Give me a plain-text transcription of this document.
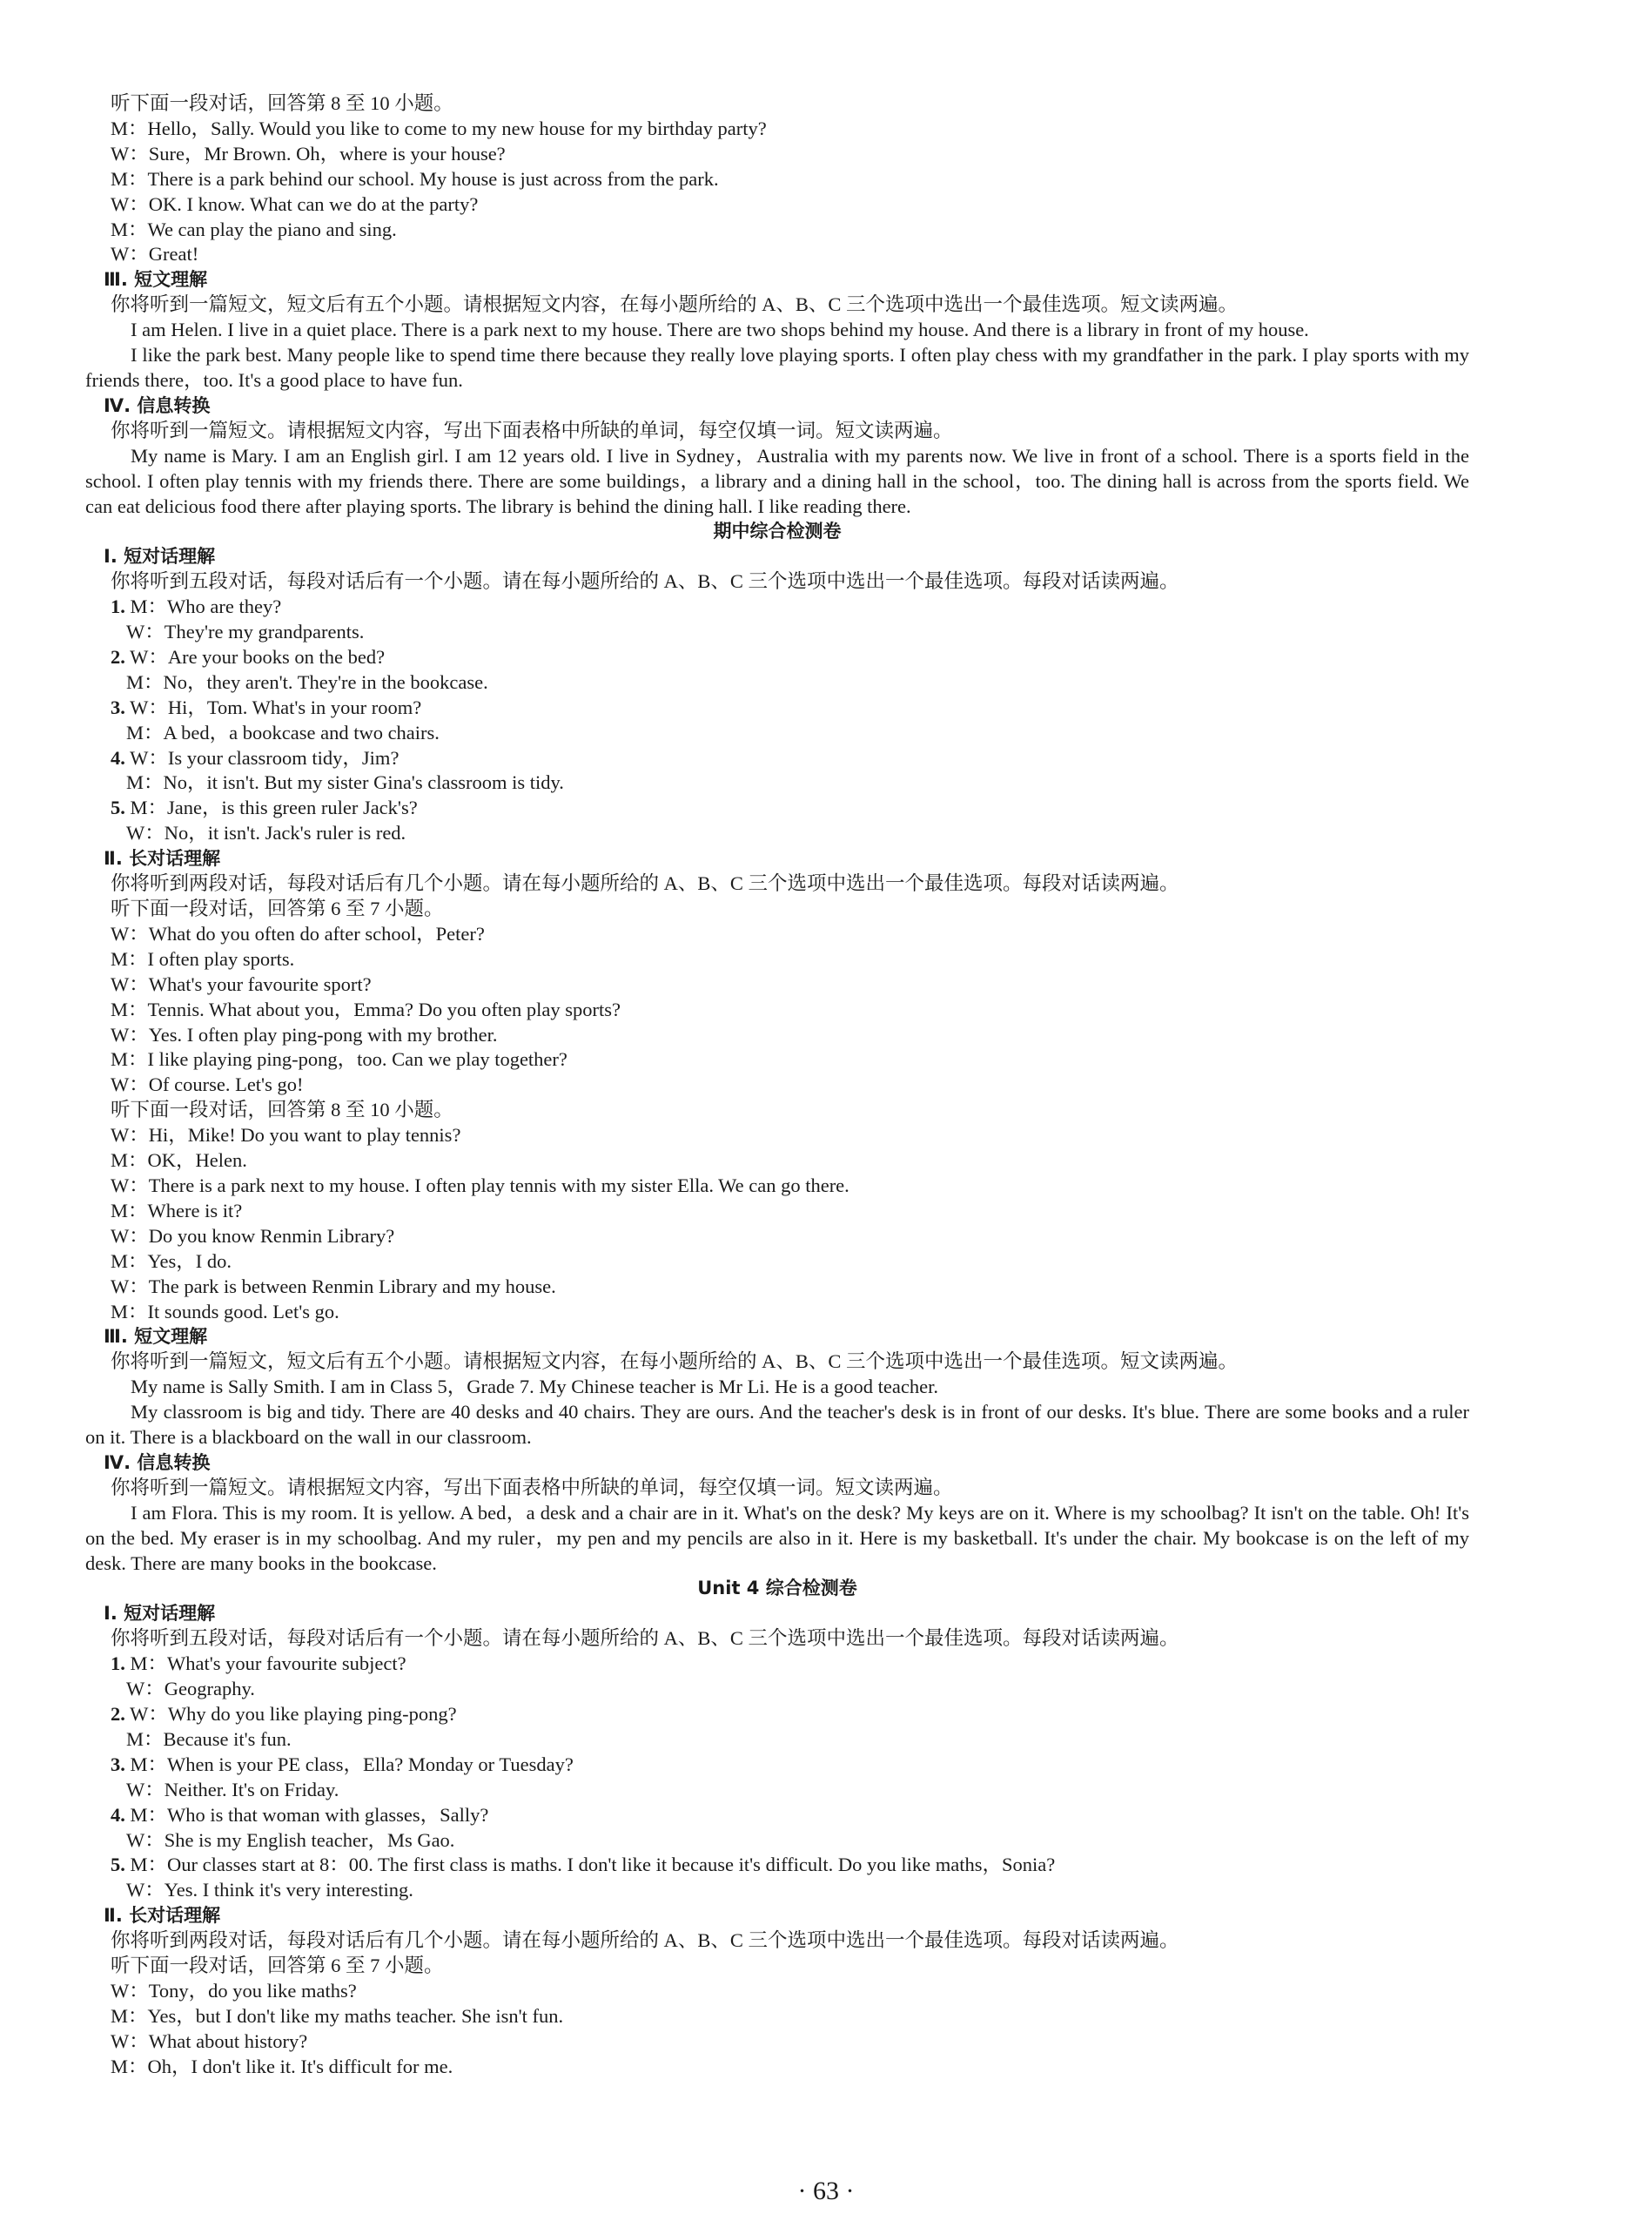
听下面一段对话，回答第 8 至 10 小题。
M：Hello，Sally. Would you like to come to my new house for my birthday party?
W：Sure，Mr Brown. Oh，where is your house?
M：There is a park behind our school. My house is just across from the park.
W：OK. I know. What can we do at the party?
M：We can play the piano and sing.
W：Great!
Ⅲ. 短文理解
你将听到一篇短文，短文后有五个小题。请根据短文内容，在每小题所给的 A、B、C 三个选项中选出一个最佳选项。短文读两遍。
I am Helen. I live in a quiet place. There is a park next to my house. There are two shops behind my house. And there is a library in front of my house.
I like the park best. Many people like to spend time there because they really love playing sports. I often play chess with my grandfather in the park. I play sports with my friends there，too. It's a good place to have fun.
Ⅳ. 信息转换
你将听到一篇短文。请根据短文内容，写出下面表格中所缺的单词，每空仅填一词。短文读两遍。
My name is Mary. I am an English girl. I am 12 years old. I live in Sydney，Australia with my parents now. We live in front of a school. There is a sports field in the school. I often play tennis with my friends there. There are some buildings，a library and a dining hall in the school，too. The dining hall is across from the sports field. We can eat delicious food there after playing sports. The library is behind the dining hall. I like reading there.
期中综合检测卷
Ⅰ. 短对话理解
你将听到五段对话，每段对话后有一个小题。请在每小题所给的 A、B、C 三个选项中选出一个最佳选项。每段对话读两遍。
1. M：Who are they?
W：They're my grandparents.
2. W：Are your books on the bed?
M：No，they aren't. They're in the bookcase.
3. W：Hi，Tom. What's in your room?
M：A bed，a bookcase and two chairs.
4. W：Is your classroom tidy，Jim?
M：No，it isn't. But my sister Gina's classroom is tidy.
5. M：Jane，is this green ruler Jack's?
W：No，it isn't. Jack's ruler is red.
Ⅱ. 长对话理解
你将听到两段对话，每段对话后有几个小题。请在每小题所给的 A、B、C 三个选项中选出一个最佳选项。每段对话读两遍。
听下面一段对话，回答第 6 至 7 小题。
W：What do you often do after school，Peter?
M：I often play sports.
W：What's your favourite sport?
M：Tennis. What about you，Emma? Do you often play sports?
W：Yes. I often play ping-pong with my brother.
M：I like playing ping-pong，too. Can we play together?
W：Of course. Let's go!
听下面一段对话，回答第 8 至 10 小题。
W：Hi，Mike! Do you want to play tennis?
M：OK，Helen.
W：There is a park next to my house. I often play tennis with my sister Ella. We can go there.
M：Where is it?
W：Do you know Renmin Library?
M：Yes，I do.
W：The park is between Renmin Library and my house.
M：It sounds good. Let's go.
Ⅲ. 短文理解
你将听到一篇短文，短文后有五个小题。请根据短文内容，在每小题所给的 A、B、C 三个选项中选出一个最佳选项。短文读两遍。
My name is Sally Smith. I am in Class 5，Grade 7. My Chinese teacher is Mr Li. He is a good teacher.
My classroom is big and tidy. There are 40 desks and 40 chairs. They are ours. And the teacher's desk is in front of our desks. It's blue. There are some books and a ruler on it. There is a blackboard on the wall in our classroom.
Ⅳ. 信息转换
你将听到一篇短文。请根据短文内容，写出下面表格中所缺的单词，每空仅填一词。短文读两遍。
I am Flora. This is my room. It is yellow. A bed，a desk and a chair are in it. What's on the desk? My keys are on it. Where is my schoolbag? It isn't on the table. Oh! It's on the bed. My eraser is in my schoolbag. And my ruler，my pen and my pencils are also in it. Here is my basketball. It's under the chair. My bookcase is on the left of my desk. There are many books in the bookcase.
Unit 4 综合检测卷
Ⅰ. 短对话理解
你将听到五段对话，每段对话后有一个小题。请在每小题所给的 A、B、C 三个选项中选出一个最佳选项。每段对话读两遍。
1. M：What's your favourite subject?
W：Geography.
2. W：Why do you like playing ping-pong?
M：Because it's fun.
3. M：When is your PE class，Ella? Monday or Tuesday?
W：Neither. It's on Friday.
4. M：Who is that woman with glasses，Sally?
W：She is my English teacher，Ms Gao.
5. M：Our classes start at 8：00. The first class is maths. I don't like it because it's difficult. Do you like maths，Sonia?
W：Yes. I think it's very interesting.
Ⅱ. 长对话理解
你将听到两段对话，每段对话后有几个小题。请在每小题所给的 A、B、C 三个选项中选出一个最佳选项。每段对话读两遍。
听下面一段对话，回答第 6 至 7 小题。
W：Tony，do you like maths?
M：Yes，but I don't like my maths teacher. She isn't fun.
W：What about history?
M：Oh，I don't like it. It's difficult for me.
· 63 ·
